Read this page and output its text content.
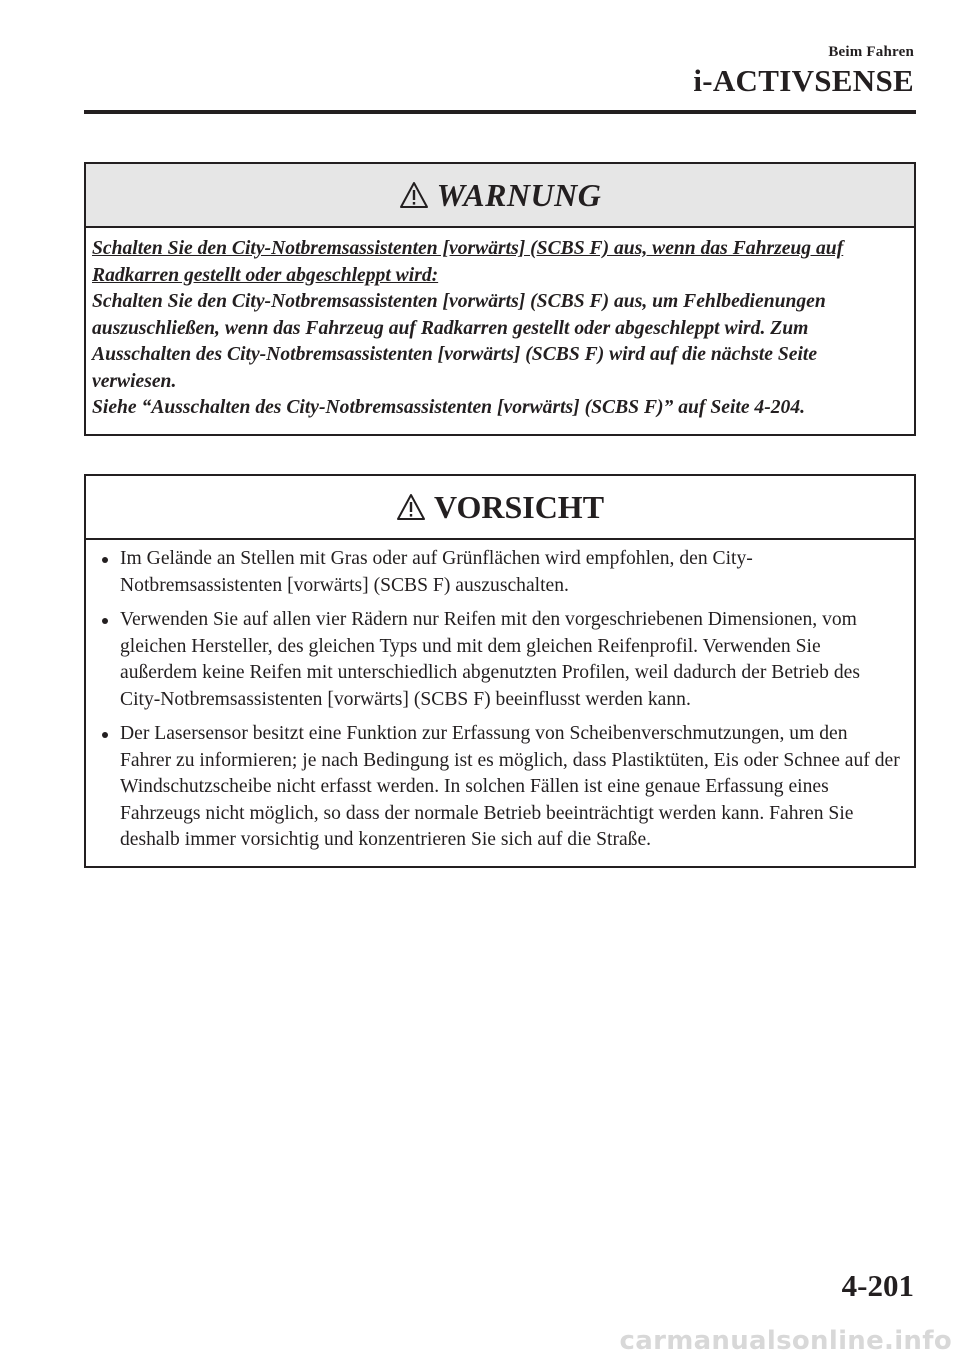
Beim Fahren
i-ACTIVSENSE
WARNUNG

Schalten Sie den City-Notbremsassistenten [vorwärts] (SCBS F) aus, wenn das Fahrzeug auf Radkarren gestellt oder abgeschleppt wird:

Schalten Sie den City-Notbremsassistenten [vorwärts] (SCBS F) aus, um Fehlbedienungen auszuschließen, wenn das Fahrzeug auf Radkarren gestellt oder abgeschleppt wird. Zum Ausschalten des City-Notbremsassistenten [vorwärts] (SCBS F) wird auf die nächste Seite verwiesen.

Siehe “Ausschalten des City-Notbremsassistenten [vorwärts] (SCBS F)” auf Seite 4-204.

VORSICHT
Im Gelände an Stellen mit Gras oder auf Grünflächen wird empfohlen, den City-Notbremsassistenten [vorwärts] (SCBS F) auszuschalten.
Verwenden Sie auf allen vier Rädern nur Reifen mit den vorgeschriebenen Dimensionen, vom gleichen Hersteller, des gleichen Typs und mit dem gleichen Reifenprofil. Verwenden Sie außerdem keine Reifen mit unterschiedlich abgenutzten Profilen, weil dadurch der Betrieb des City-Notbremsassistenten [vorwärts] (SCBS F) beeinflusst werden kann.
Der Lasersensor besitzt eine Funktion zur Erfassung von Scheibenverschmutzungen, um den Fahrer zu informieren; je nach Bedingung ist es möglich, dass Plastiktüten, Eis oder Schnee auf der Windschutzscheibe nicht erfasst werden. In solchen Fällen ist eine genaue Erfassung eines Fahrzeugs nicht möglich, so dass der normale Betrieb beeinträchtigt werden kann. Fahren Sie deshalb immer vorsichtig und konzentrieren Sie sich auf die Straße.
4-201
carmanualsonline.info
